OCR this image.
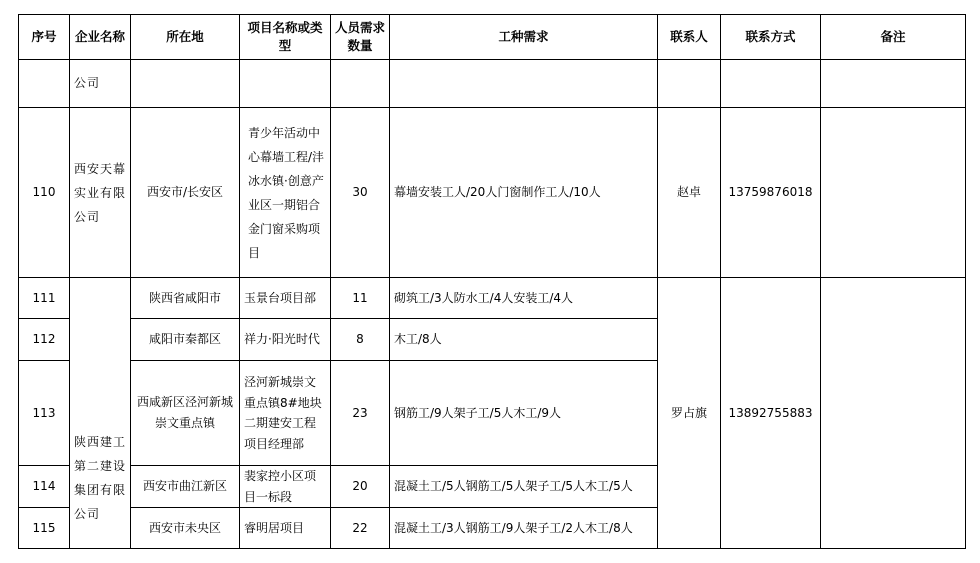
序号	企业名称	所在地	项目名称或类型	人员需求数量	工种需求	联系人	联系方式	备注
	公司							
110	西安天幕实业有限公司	西安市/长安区	青少年活动中心幕墙工程/沣冰水镇·创意产业区一期铝合金门窗采购项目	30	幕墙安装工人/20人门窗制作工人/10人	赵卓	13759876018	
111	陕西建工第二建设集团有限公司	陕西省咸阳市	玉景台项目部	11	砌筑工/3人防水工/4人安装工/4人	罗占旗	13892755883	
112		咸阳市秦都区	祥力·阳光时代	8	木工/8人			
113		西咸新区泾河新城崇文重点镇	泾河新城崇文重点镇8#地块二期建安工程项目经理部	23	钢筋工/9人架子工/5人木工/9人			
114		西安市曲江新区	裴家控小区项目一标段	20	混凝土工/5人钢筋工/5人架子工/5人木工/5人			

115		西安市未央区	睿明居项目	22	混凝土工/3人钢筋工/9人架子工/2人木工/8人			
